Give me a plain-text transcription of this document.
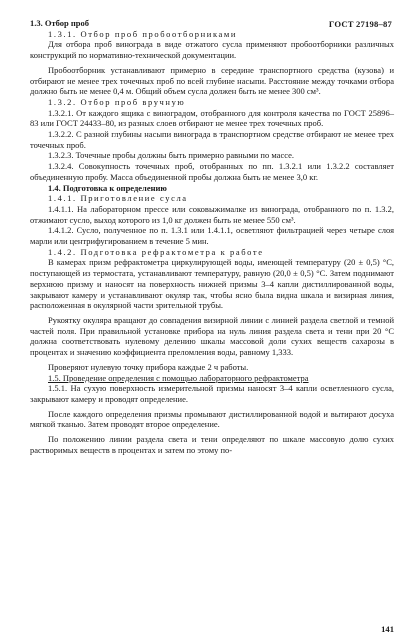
ГОСТ 27198–87

1.3. Отбор проб

1.3.1. Отбор проб пробоотборниками

Для отбора проб винограда в виде отжатого сусла применяют пробоотборники различных конструкций по нормативно-технической документации.

Пробоотборник устанавливают примерно в середине транспортного средства (кузова) и отбирают не менее трех точечных проб по всей глубине насыпи. Расстояние между точками отбора должно быть не менее 0,4 м. Общий объем сусла должен быть не менее 300 см³.

1.3.2. Отбор проб вручную

1.3.2.1. От каждого ящика с виноградом, отобранного для контроля качества по ГОСТ 25896–83 или ГОСТ 24433–80, из разных слоев отбирают не менее трех точечных проб.

1.3.2.2. С разной глубины насыпи винограда в транспортном средстве отбирают не менее трех точечных проб.

1.3.2.3. Точечные пробы должны быть примерно равными по массе.

1.3.2.4. Совокупность точечных проб, отобранных по пп. 1.3.2.1 или 1.3.2.2 составляет объединенную пробу. Масса объединенной пробы должна быть не менее 3,0 кг.

1.4. Подготовка к определению

1.4.1. Приготовление сусла

1.4.1.1. На лабораторном прессе или соковыжималке из винограда, отобранного по п. 1.3.2, отжимают сусло, выход которого из 1,0 кг должен быть не менее 550 см³.

1.4.1.2. Сусло, полученное по п. 1.3.1 или 1.4.1.1, осветляют фильтрацией через четыре слоя марли или центрифугированием в течение 5 мин.

1.4.2. Подготовка рефрактометра к работе

В камерах призм рефрактометра циркулирующей воды, имеющей температуру (20 ± 0,5) °C, поступающей из термостата, устанавливают температуру, равную (20,0 ± 0,5) °C. Затем поднимают верхнюю призму и наносят на поверхность нижней призмы 3–4 капли дистиллированной воды, закрывают камеру и устанавливают окуляр так, чтобы ясно была видна шкала и визирная линия, расположенная в окулярной части зрительной трубы.

Рукоятку окуляра вращают до совпадения визирной линии с линией раздела светлой и темной частей поля. При правильной установке прибора на нуль линия раздела света и тени при 20 °C должна соответствовать нулевому делению шкалы массовой доли сухих веществ сахарозы в процентах и значению коэффициента преломления воды, равному 1,333.

Проверяют нулевую точку прибора каждые 2 ч работы.

1.5. Проведение определения с помощью лабораторного рефрактометра

1.5.1. На сухую поверхность измерительной призмы наносят 3–4 капли осветленного сусла, закрывают камеру и проводят определение.

После каждого определения призмы промывают дистиллированной водой и вытирают досуха мягкой тканью. Затем проводят второе определение.

По положению линии раздела света и тени определяют по шкале массовую долю сухих растворимых веществ в процентах и затем по этому по-

141
